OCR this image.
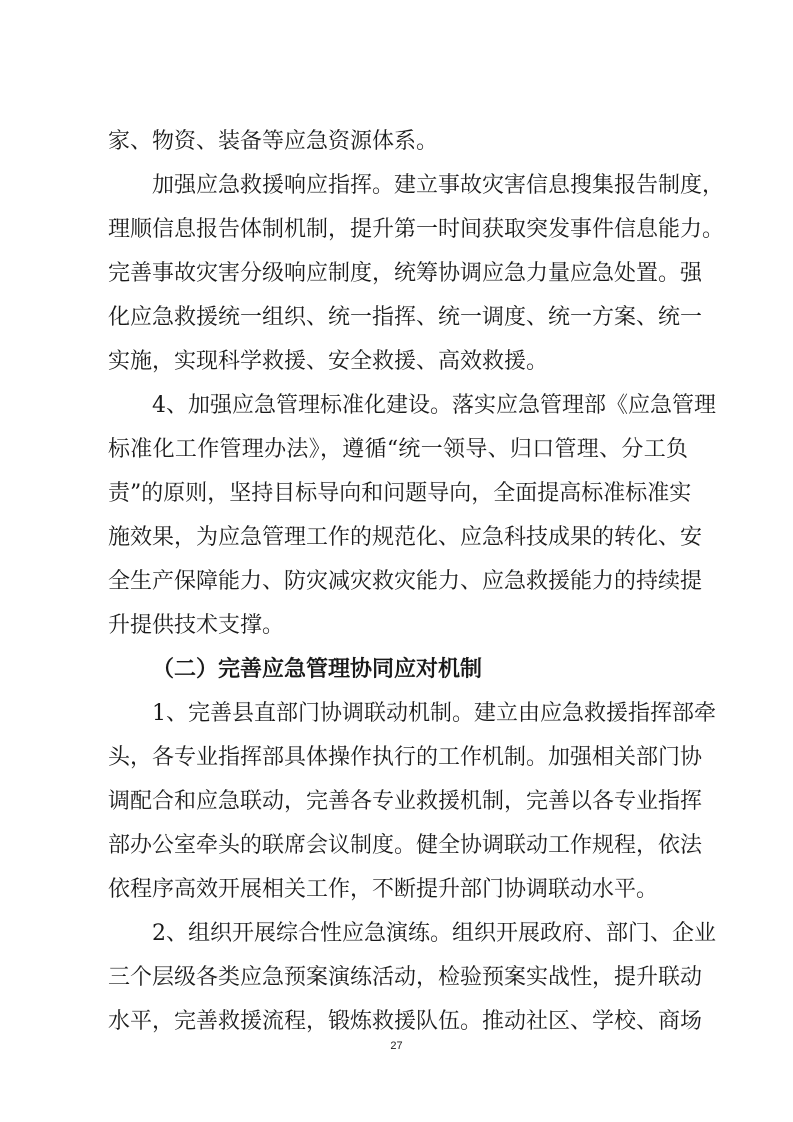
家、物资、装备等应急资源体系。
加强应急救援响应指挥。建立事故灾害信息搜集报告制度，
理顺信息报告体制机制，提升第一时间获取突发事件信息能力。
完善事故灾害分级响应制度，统筹协调应急力量应急处置。强
化应急救援统一组织、统一指挥、统一调度、统一方案、统一
实施，实现科学救援、安全救援、高效救援。
4、加强应急管理标准化建设。落实应急管理部《应急管理
标准化工作管理办法》，遵循“统一领导、归口管理、分工负
责”的原则，坚持目标导向和问题导向，全面提高标准标准实
施效果，为应急管理工作的规范化、应急科技成果的转化、安
全生产保障能力、防灾减灾救灾能力、应急救援能力的持续提
升提供技术支撑。
（二）完善应急管理协同应对机制
1、完善县直部门协调联动机制。建立由应急救援指挥部牵
头，各专业指挥部具体操作执行的工作机制。加强相关部门协
调配合和应急联动，完善各专业救援机制，完善以各专业指挥
部办公室牵头的联席会议制度。健全协调联动工作规程，依法
依程序高效开展相关工作，不断提升部门协调联动水平。
2、组织开展综合性应急演练。组织开展政府、部门、企业
三个层级各类应急预案演练活动，检验预案实战性，提升联动
水平，完善救援流程，锻炼救援队伍。推动社区、学校、商场
27
